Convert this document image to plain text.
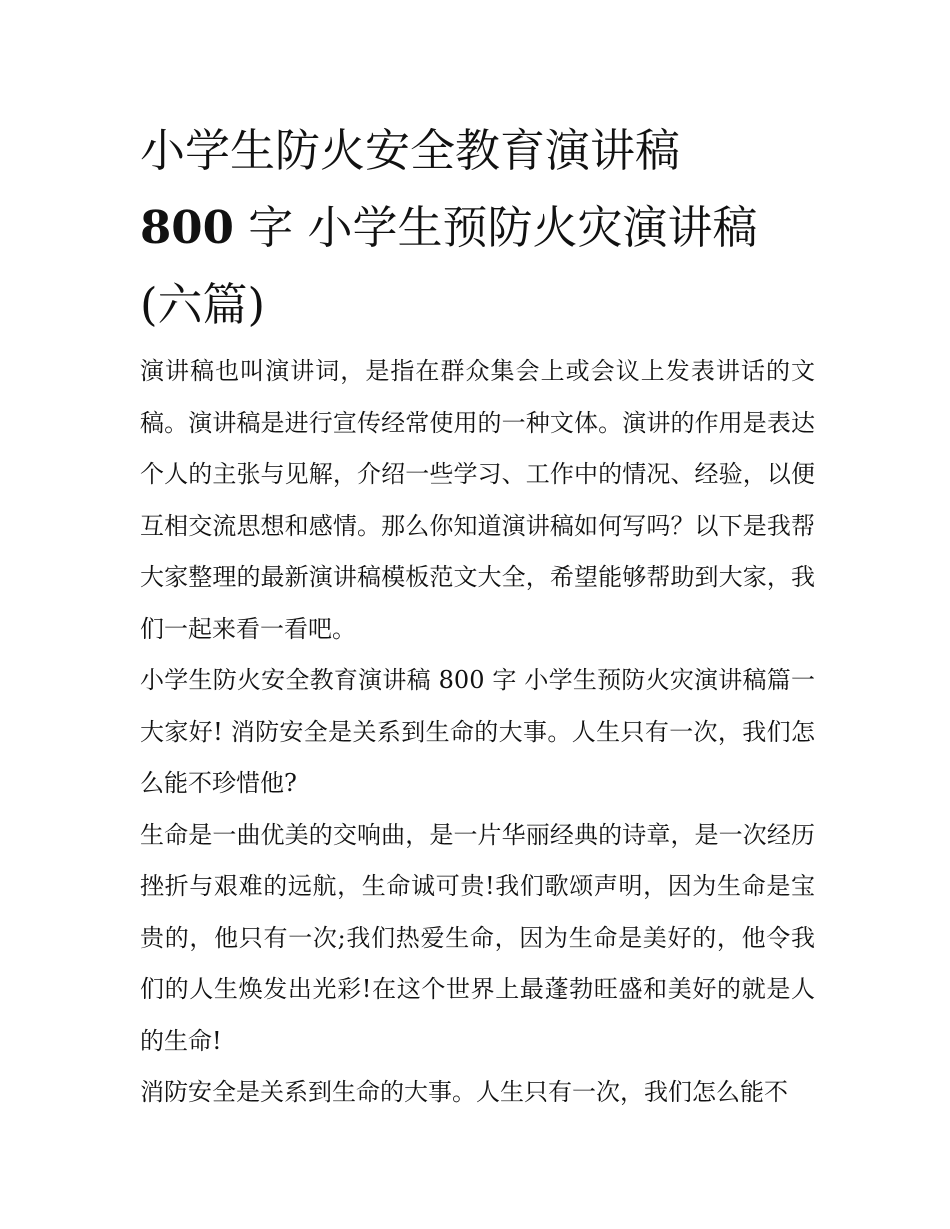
小学生防火安全教育演讲稿
800 字 小学生预防火灾演讲稿
(六篇)

演讲稿也叫演讲词，是指在群众集会上或会议上发表讲话的文稿。演讲稿是进行宣传经常使用的一种文体。演讲的作用是表达个人的主张与见解，介绍一些学习、工作中的情况、经验，以便互相交流思想和感情。那么你知道演讲稿如何写吗？以下是我帮大家整理的最新演讲稿模板范文大全，希望能够帮助到大家，我们一起来看一看吧。

小学生防火安全教育演讲稿 800 字 小学生预防火灾演讲稿篇一 大家好! 消防安全是关系到生命的大事。人生只有一次，我们怎么能不珍惜他?

生命是一曲优美的交响曲，是一片华丽经典的诗章，是一次经历挫折与艰难的远航，生命诚可贵!我们歌颂声明，因为生命是宝贵的，他只有一次;我们热爱生命，因为生命是美好的，他令我们的人生焕发出光彩!在这个世界上最蓬勃旺盛和美好的就是人的生命!

消防安全是关系到生命的大事。人生只有一次，我们怎么能不
